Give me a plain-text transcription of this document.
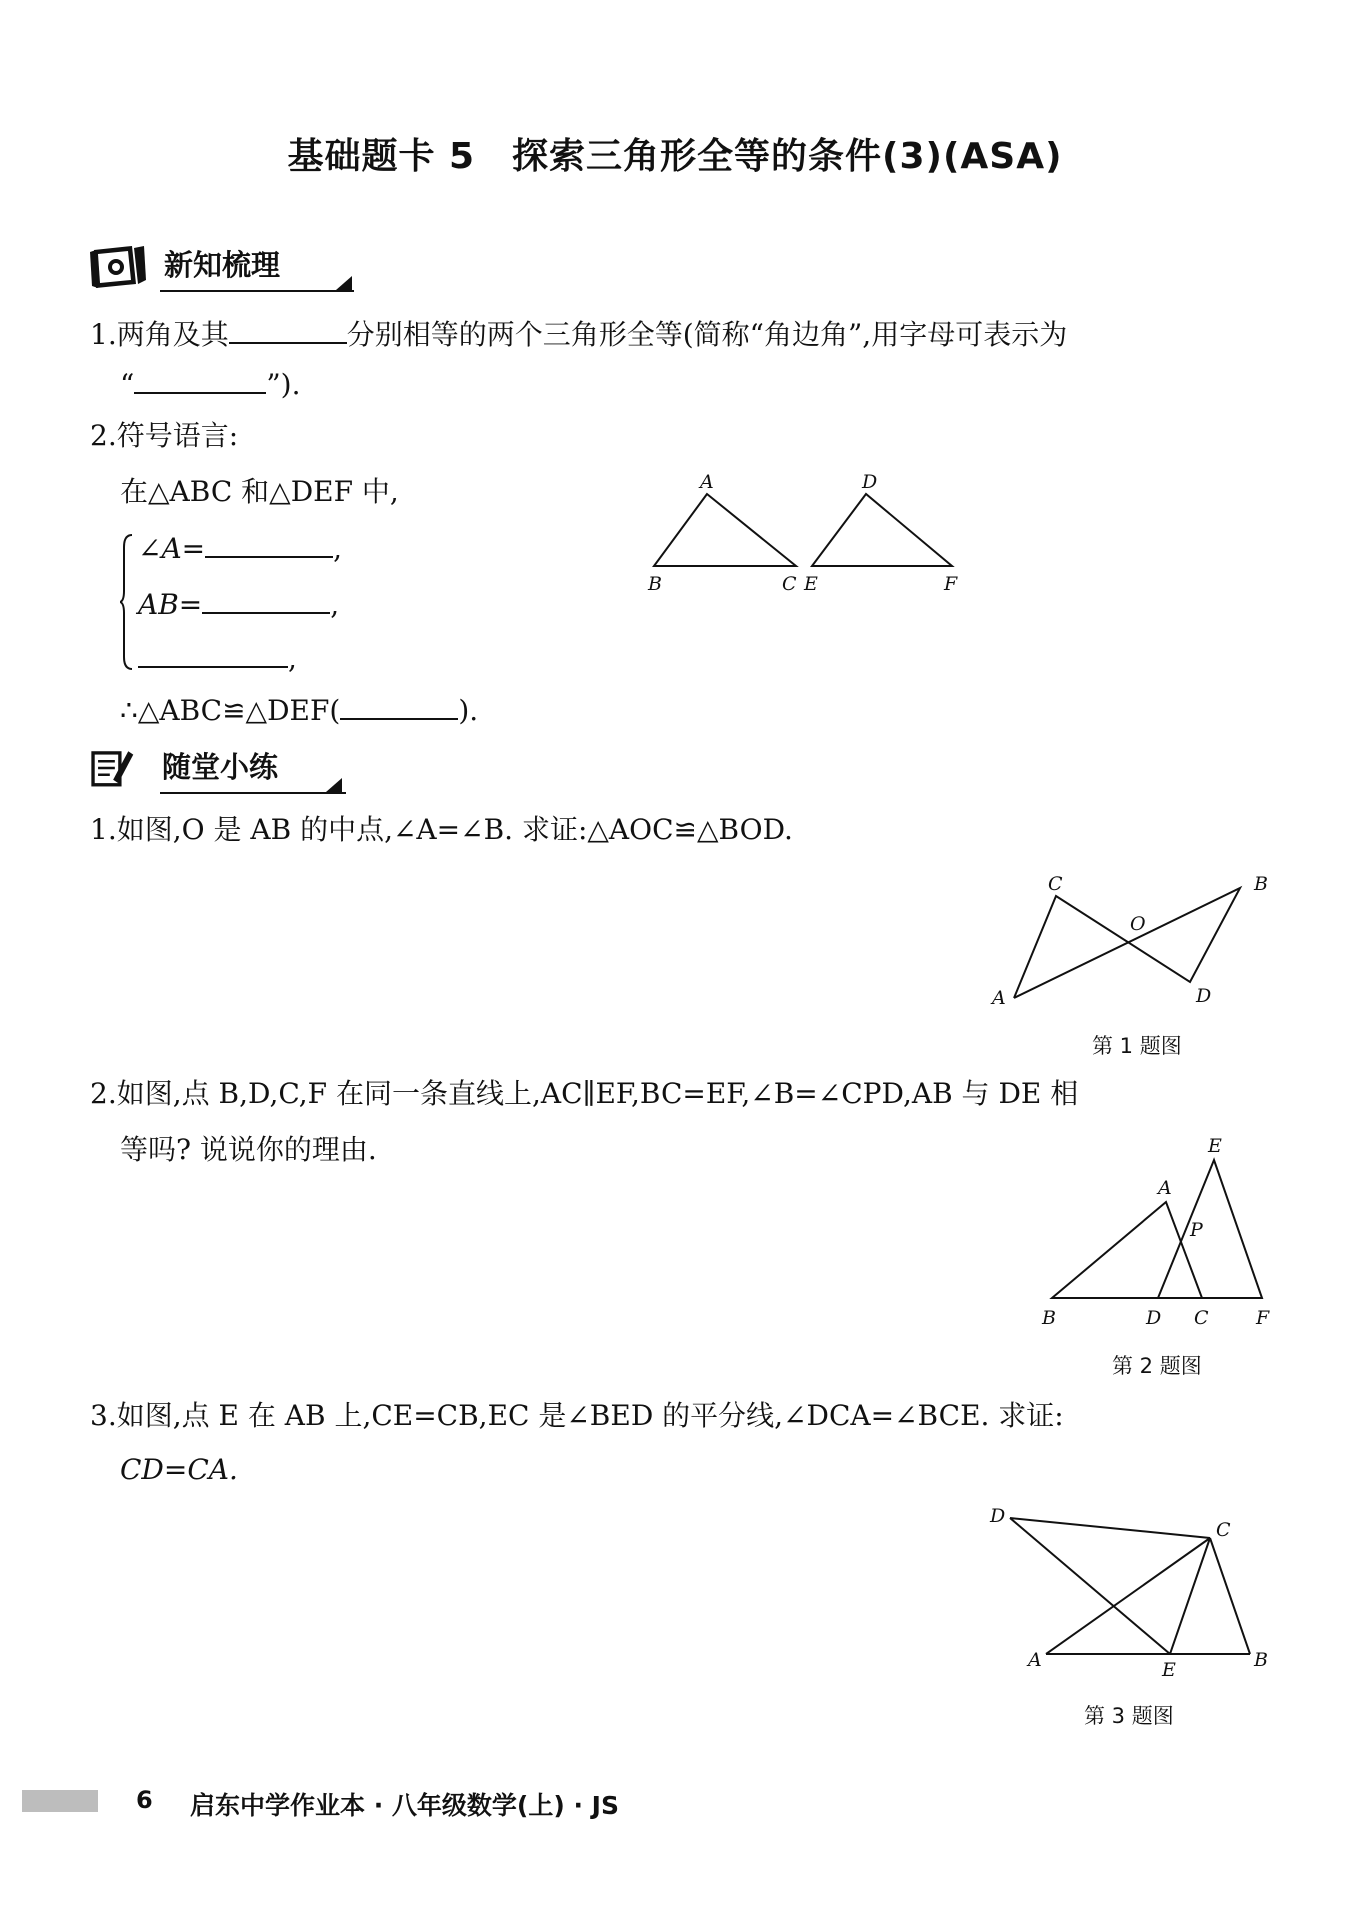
基础题卡 5　探索三角形全等的条件(3)(ASA)
新知梳理
1.两角及其	分别相等的两个三角形全等(简称“角边角”,用字母可表示为
“	”).
2.符号语言:
在△ABC 和△DEF 中,
∠A=	,
AB=	,
,
∴△ABC≌△DEF(	).
A
B	C
D
E	F
随堂小练
1.如图,O 是 AB 的中点,∠A=∠B. 求证:△AOC≌△BOD.
A
B
C
D
O
第 1 题图
2.如图,点 B,D,C,F 在同一条直线上,AC∥EF,BC=EF,∠B=∠CPD,AB 与 DE 相
等吗? 说说你的理由.
A
B	C
D
E
F
P
第 2 题图
3.如图,点 E 在 AB 上,CE=CB,EC 是∠BED 的平分线,∠DCA=∠BCE. 求证:
CD=CA.
D
C
A	E	B
第 3 题图
6 启东中学作业本 · 八年级数学(上) · JS
